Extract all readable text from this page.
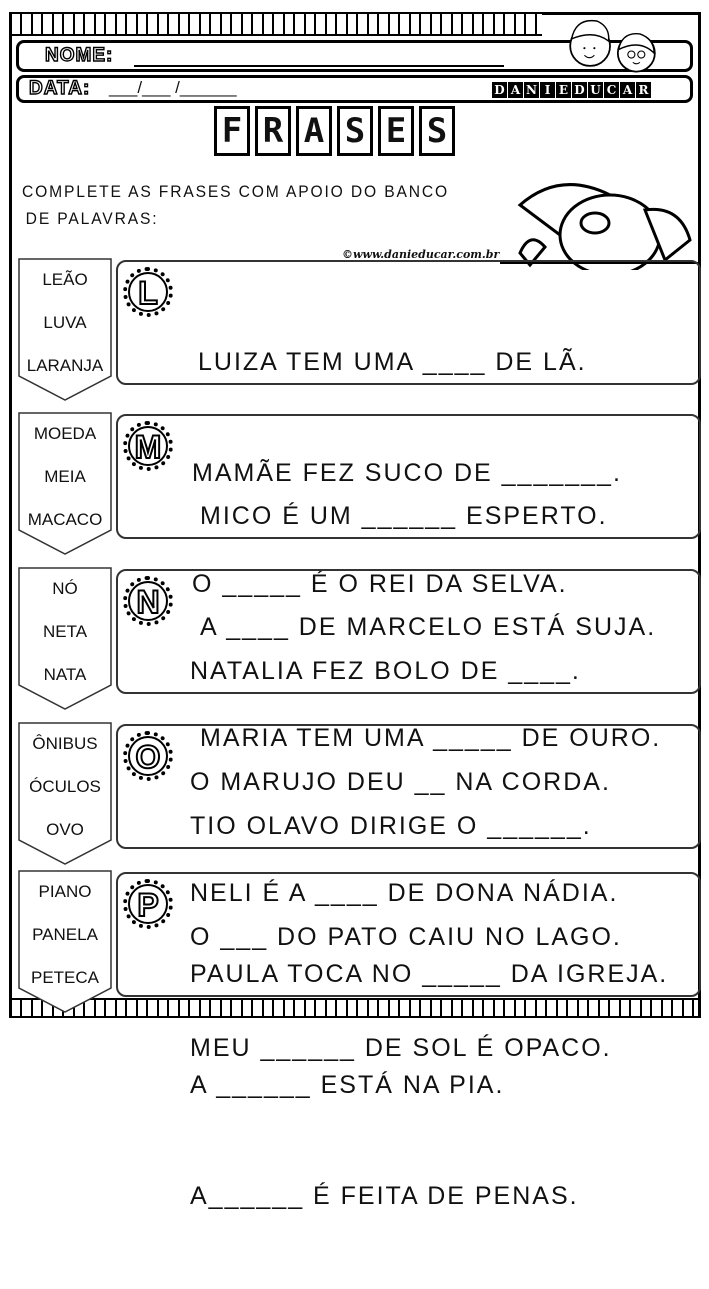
NOME:
DATA: ___/___ /______	D A N I E D U C A R
F R A S E S
COMPLETE AS FRASES COM APOIO DO BANCO
DE PALAVRAS:
©www.danieducar.com.br
LEÃO
LUVA
LARANJA
L

LUIZA TEM UMA ____ DE LÃ.

MAMÃE FEZ SUCO DE _______.

O _____ É O REI DA SELVA.

MOEDA
MEIA
MACACO
M

MICO É UM ______ ESPERTO.

A ____ DE MARCELO ESTÁ SUJA.

MARIA TEM UMA _____ DE OURO.

NÓ
NETA
NATA
N

NATALIA FEZ BOLO DE ____.

O MARUJO DEU __ NA CORDA.

NELI É A ____ DE DONA NÁDIA.

ÔNIBUS
ÓCULOS
OVO
O

TIO OLAVO DIRIGE O ______.

O ___ DO PATO CAIU NO LAGO.

MEU ______ DE SOL É OPACO.

PIANO
PANELA
PETECA
P

PAULA TOCA NO _____ DA IGREJA.

A ______ ESTÁ NA PIA.

A______ É FEITA DE PENAS.
